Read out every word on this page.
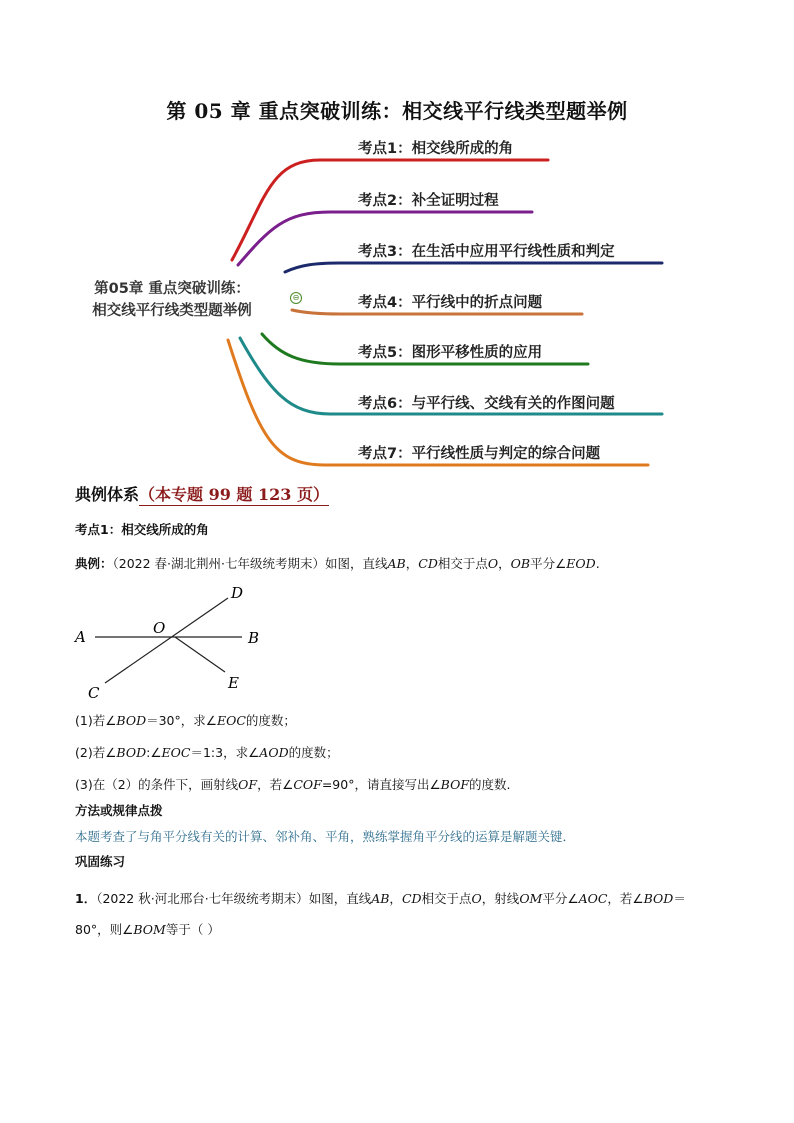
第 05 章 重点突破训练：相交线平行线类型题举例
第05章 重点突破训练：
相交线平行线类型题举例
⊖
考点1：相交线所成的角
考点2：补全证明过程
考点3：在生活中应用平行线性质和判定
考点4：平行线中的折点问题
考点5：图形平移性质的应用
考点6：与平行线、交线有关的作图问题
考点7：平行线性质与判定的综合问题
典例体系（本专题 99 题 123 页）
考点1：相交线所成的角
典例：（2022 春·湖北荆州·七年级统考期末）如图，直线AB，CD相交于点O，OB平分∠EOD.
A	B
C
D
E
O
(1)若∠BOD＝30°，求∠EOC的度数；
(2)若∠BOD:∠EOC＝1:3，求∠AOD的度数；
(3)在（2）的条件下，画射线OF，若∠COF=90°，请直接写出∠BOF的度数.
方法或规律点拨
本题考查了与角平分线有关的计算、邻补角、平角，熟练掌握角平分线的运算是解题关键．
巩固练习
1．（2022 秋·河北邢台·七年级统考期末）如图，直线AB，CD相交于点O，射线OM平分∠AOC，若∠BOD＝
80°，则∠BOM等于（ ）
